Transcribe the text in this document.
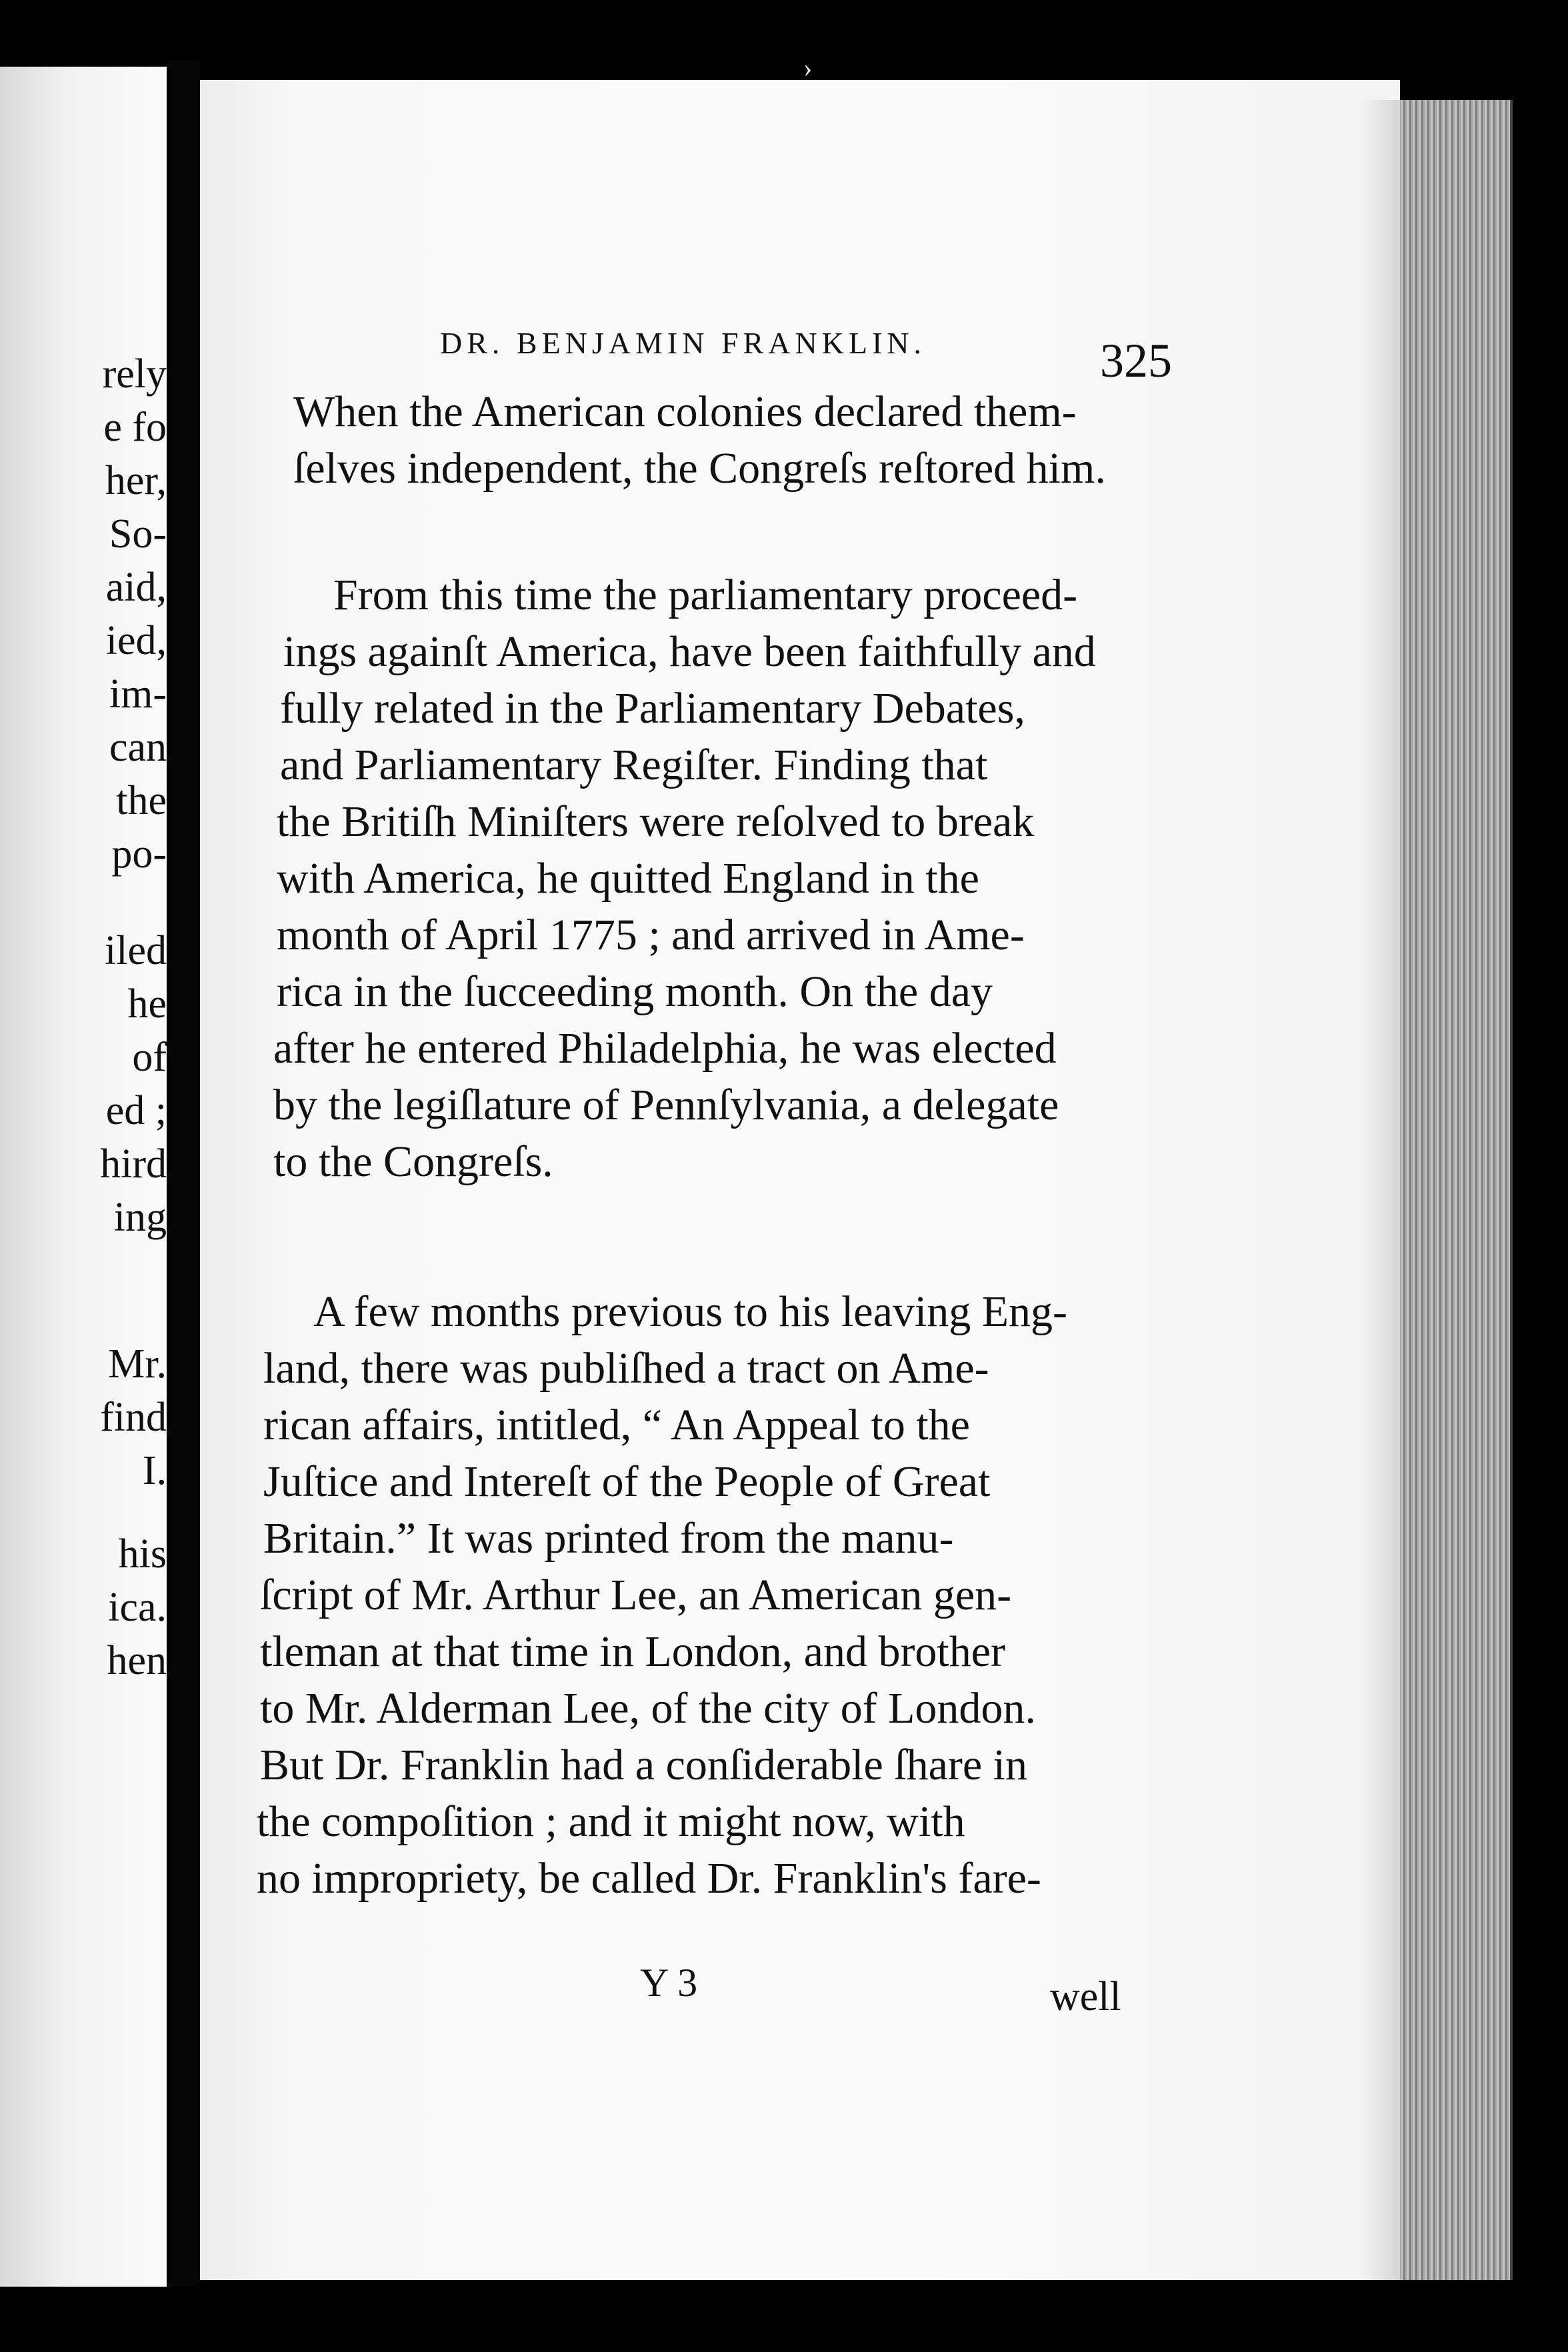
rely
e fo
her,
So-
aid,
ied,
im-
can
the
po-
iled
he
of
ed ;
hird
ing
Mr.
find
I.
his
ica.
hen
›
DR. BENJAMIN FRANKLIN.	325
When the American colonies declared them-
ſelves independent, the Congreſs reſtored him.
From this time the parliamentary proceed-
ings againſt America, have been faithfully and
fully related in the Parliamentary Debates,
and Parliamentary Regiſter. Finding that
the Britiſh Miniſters were reſolved to break
with America, he quitted England in the
month of April 1775 ; and arrived in Ame-
rica in the ſucceeding month. On the day
after he entered Philadelphia, he was elected
by the legiſlature of Pennſylvania, a delegate
to the Congreſs.
A few months previous to his leaving Eng-
land, there was publiſhed a tract on Ame-
rican affairs, intitled, “ An Appeal to the
Juſtice and Intereſt of the People of Great
Britain.” It was printed from the manu-
ſcript of Mr. Arthur Lee, an American gen-
tleman at that time in London, and brother
to Mr. Alderman Lee, of the city of London.
But Dr. Franklin had a conſiderable ſhare in
the compoſition ; and it might now, with
no impropriety, be called Dr. Franklin's fare-
Y 3	well
